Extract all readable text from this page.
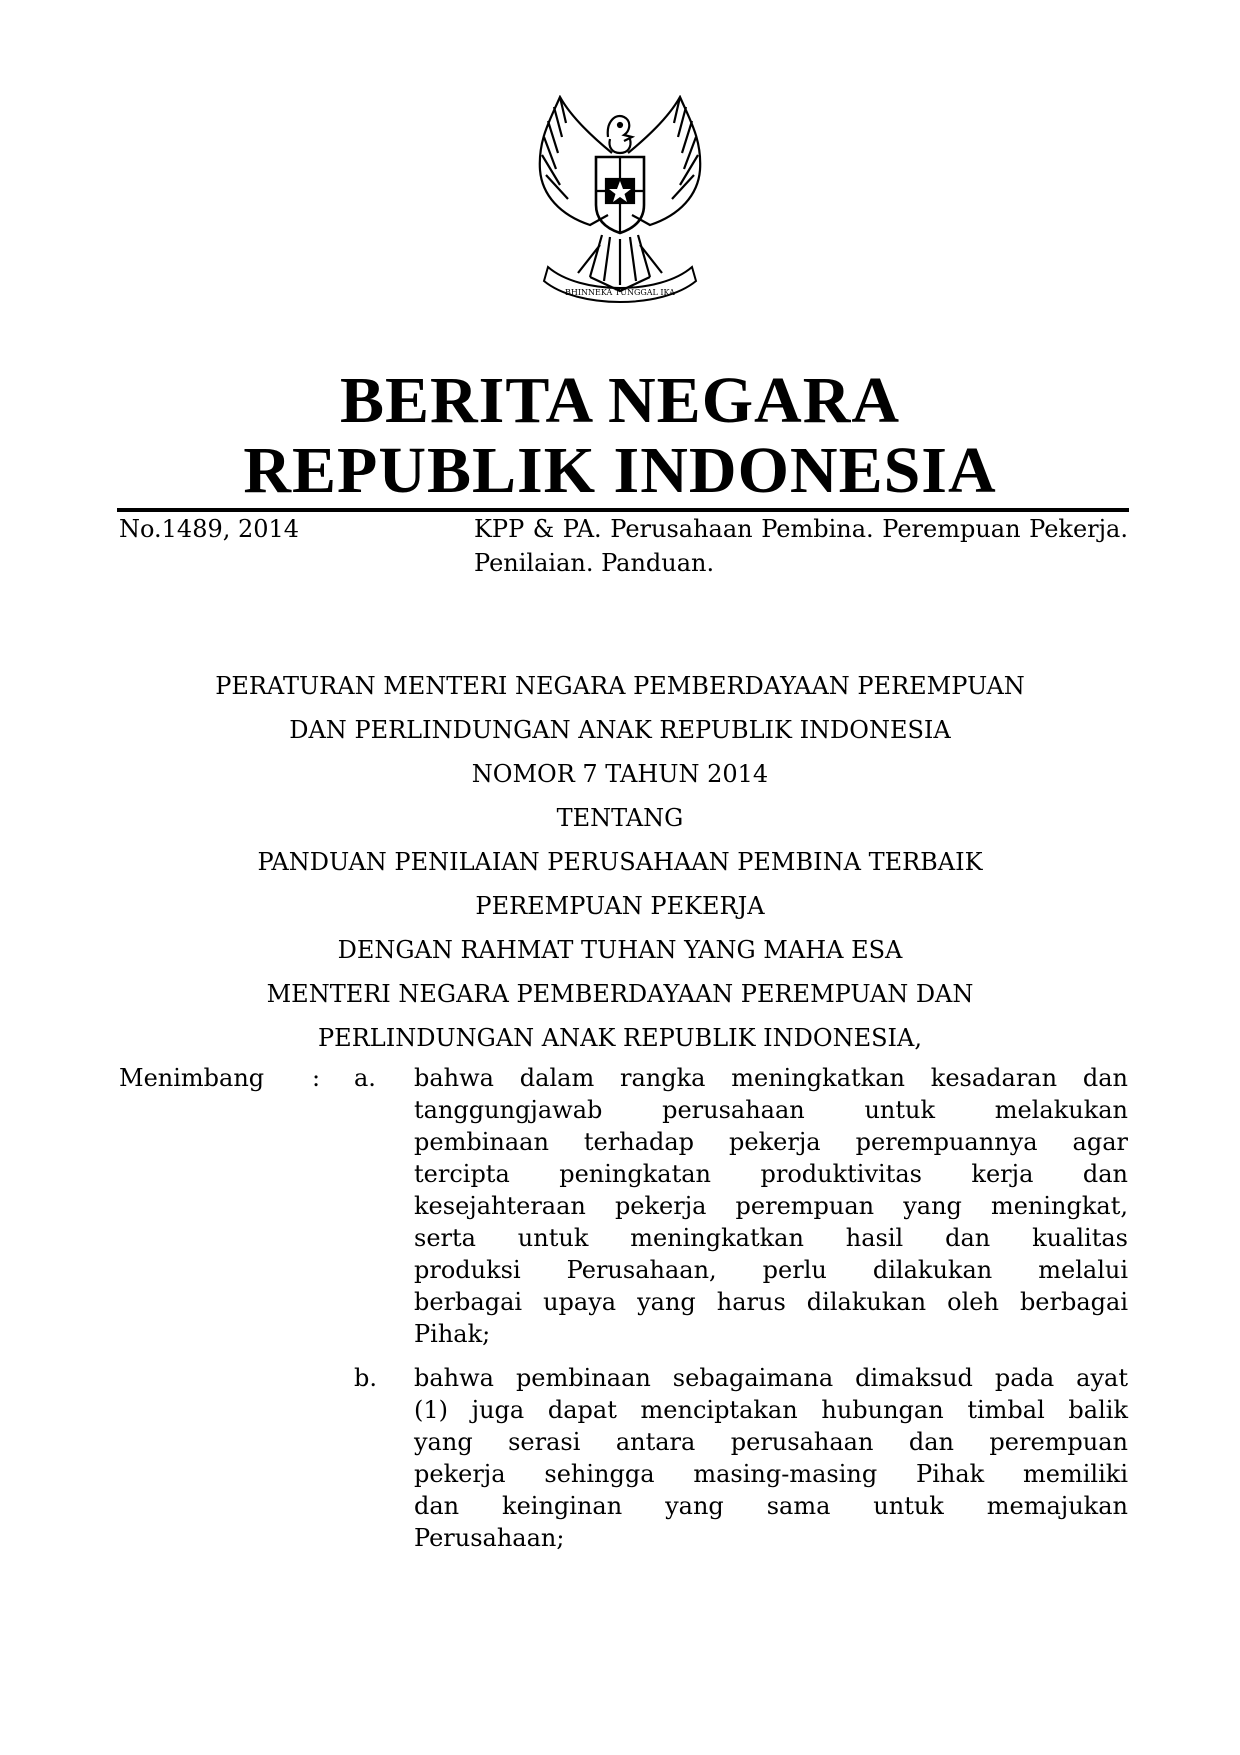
BHINNEKA TUNGGAL IKA
BERITA NEGARA
REPUBLIK INDONESIA
No.1489, 2014	KPP & PA. Perusahaan Pembina. Perempuan Pekerja. Penilaian. Panduan.
PERATURAN MENTERI NEGARA PEMBERDAYAAN PEREMPUAN
DAN PERLINDUNGAN ANAK REPUBLIK INDONESIA
NOMOR 7 TAHUN 2014
TENTANG
PANDUAN PENILAIAN PERUSAHAAN PEMBINA TERBAIK
PEREMPUAN PEKERJA
DENGAN RAHMAT TUHAN YANG MAHA ESA
MENTERI NEGARA PEMBERDAYAAN PEREMPUAN DAN
PERLINDUNGAN ANAK REPUBLIK INDONESIA,
Menimbang : a. bahwa dalam rangka meningkatkan kesadaran dan
tanggungjawab perusahaan untuk melakukan
pembinaan terhadap pekerja perempuannya agar
tercipta peningkatan produktivitas kerja dan
kesejahteraan pekerja perempuan yang meningkat,
serta untuk meningkatkan hasil dan kualitas
produksi Perusahaan, perlu dilakukan melalui
berbagai upaya yang harus dilakukan oleh berbagai
Pihak;
b. bahwa pembinaan sebagaimana dimaksud pada ayat
(1) juga dapat menciptakan hubungan timbal balik
yang serasi antara perusahaan dan perempuan
pekerja sehingga masing-masing Pihak memiliki
dan keinginan yang sama untuk memajukan
Perusahaan;
